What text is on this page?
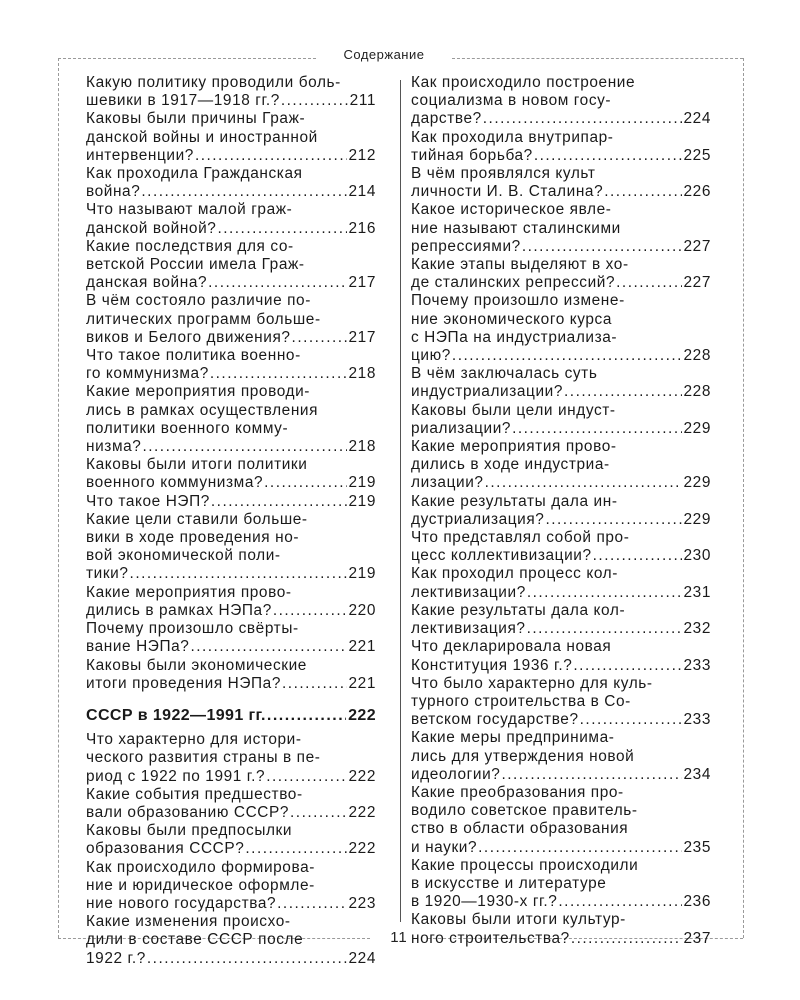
Содержание
Какую политику проводили боль-
шевики в 1917—1918 гг.? .....	211
Каковы были причины Граж-
данской войны и иностранной
интервенции? .....	212
Как проходила Гражданская
война? .....	214
Что называют малой граж-
данской войной? .....	216
Какие последствия для со-
ветской России имела Граж-
данская война? .....	217
В чём состояло различие по-
литических программ больше-
виков и Белого движения? .....	217
Что такое политика военно-
го коммунизма? .....	218
Какие мероприятия проводи-
лись в рамках осуществления
политики военного комму-
низма? .....	218
Каковы были итоги политики
военного коммунизма? .....	219
Что такое НЭП? .....	219
Какие цели ставили больше-
вики в ходе проведения но-
вой экономической поли-
тики? .....	219
Какие мероприятия прово-
дились в рамках НЭПа? .....	220
Почему произошло свёрты-
вание НЭПа? .....	221
Каковы были экономические
итоги проведения НЭПа? .....	221
СССР в 1922—1991 гг. .....	222
Что характерно для истори-
ческого развития страны в пе-
риод с 1922 по 1991 г.? .....	222
Какие события предшество-
вали образованию СССР? .....	222
Каковы были предпосылки
образования СССР? .....	222
Как происходило формирова-
ние и юридическое оформле-
ние нового государства? .....	223
Какие изменения происхо-
дили в составе СССР после
1922 г.? .....	224
Как происходило построение
социализма в новом госу-
дарстве? .....	224
Как проходила внутрипар-
тийная борьба? .....	225
В чём проявлялся культ
личности И. В. Сталина? .....	226
Какое историческое явле-
ние называют сталинскими
репрессиями? .....	227
Какие этапы выделяют в хо-
де сталинских репрессий? .....	227
Почему произошло измене-
ние экономического курса
с НЭПа на индустриализа-
цию? .....	228
В чём заключалась суть
индустриализации? .....	228
Каковы были цели индуст-
риализации? .....	229
Какие мероприятия прово-
дились в ходе индустриа-
лизации? .....	229
Какие результаты дала ин-
дустриализация? .....	229
Что представлял собой про-
цесс коллективизации? .....	230
Как проходил процесс кол-
лективизации? .....	231
Какие результаты дала кол-
лективизация? .....	232
Что декларировала новая
Конституция 1936 г.? .....	233
Что было характерно для куль-
турного строительства в Со-
ветском государстве? .....	233
Какие меры предпринима-
лись для утверждения новой
идеологии? .....	234
Какие преобразования про-
водило советское правитель-
ство в области образования
и науки? .....	235
Какие процессы происходили
в искусстве и литературе
в 1920—1930-х гг.? .....	236
Каковы были итоги культур-
ного строительства? .....	237
11
